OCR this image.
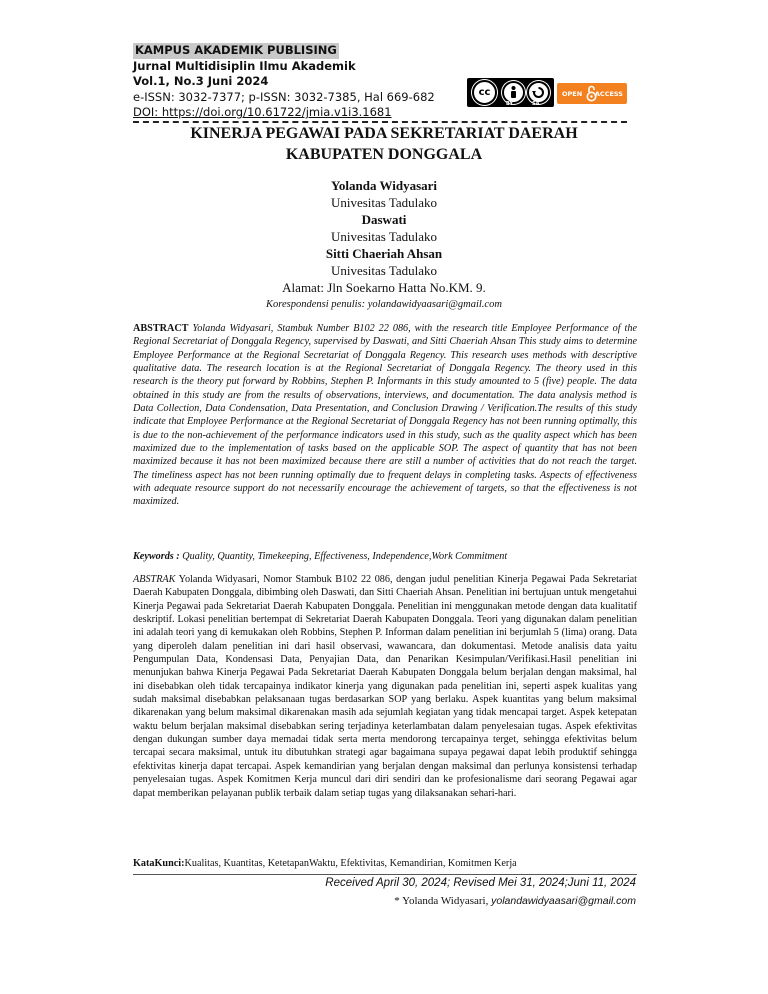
KAMPUS AKADEMIK PUBLISING
Jurnal Multidisiplin Ilmu Akademik
Vol.1, No.3 Juni 2024
e-ISSN: 3032-7377; p-ISSN: 3032-7385, Hal 669-682
DOI: https://doi.org/10.61722/jmia.v1i3.1681
cc
BY	SA
OPEN ACCESS
KINERJA PEGAWAI PADA SEKRETARIAT DAERAH
KABUPATEN DONGGALA
Yolanda Widyasari
Univesitas Tadulako
Daswati
Univesitas Tadulako
Sitti Chaeriah Ahsan
Univesitas Tadulako
Alamat: Jln Soekarno Hatta No.KM. 9.
Korespondensi penulis: yolandawidyaasari@gmail.com

ABSTRACT Yolanda Widyasari, Stambuk Number B102 22 086, with the research title Employee Performance of the Regional Secretariat of Donggala Regency, supervised by Daswati, and Sitti Chaeriah Ahsan This study aims to determine Employee Performance at the Regional Secretariat of Donggala Regency. This research uses methods with descriptive qualitative data. The research location is at the Regional Secretariat of Donggala Regency. The theory used in this research is the theory put forward by Robbins, Stephen P. Informants in this study amounted to 5 (five) people. The data obtained in this study are from the results of observations, interviews, and documentation. The data analysis method is Data Collection, Data Condensation, Data Presentation, and Conclusion Drawing / Verification.The results of this study indicate that Employee Performance at the Regional Secretariat of Donggala Regency has not been running optimally, this is due to the non-achievement of the performance indicators used in this study, such as the quality aspect which has been maximized due to the implementation of tasks based on the applicable SOP. The aspect of quantity that has not been maximized because it has not been maximized because there are still a number of activities that do not reach the target. The timeliness aspect has not been running optimally due to frequent delays in completing tasks. Aspects of effectiveness with adequate resource support do not necessarily encourage the achievement of targets, so that the effectiveness is not maximized.

Keywords : Quality, Quantity, Timekeeping, Effectiveness, Independence,Work Commitment

ABSTRAK Yolanda Widyasari, Nomor Stambuk B102 22 086, dengan judul penelitian Kinerja Pegawai Pada Sekretariat Daerah Kabupaten Donggala, dibimbing oleh Daswati, dan Sitti Chaeriah Ahsan. Penelitian ini bertujuan untuk mengetahui Kinerja Pegawai pada Sekretariat Daerah Kabupaten Donggala. Penelitian ini menggunakan metode dengan data kualitatif deskriptif. Lokasi penelitian bertempat di Sekretariat Daerah Kabupaten Donggala. Teori yang digunakan dalam penelitian ini adalah teori yang di kemukakan oleh Robbins, Stephen P. Informan dalam penelitian ini berjumlah 5 (lima) orang. Data yang diperoleh dalam penelitian ini dari hasil observasi, wawancara, dan dokumentasi. Metode analisis data yaitu Pengumpulan Data, Kondensasi Data, Penyajian Data, dan Penarikan Kesimpulan/Verifikasi.Hasil penelitian ini menunjukan bahwa Kinerja Pegawai Pada Sekretariat Daerah Kabupaten Donggala belum berjalan dengan maksimal, hal ini disebabkan oleh tidak tercapainya indikator kinerja yang digunakan pada penelitian ini, seperti aspek kualitas yang sudah maksimal disebabkan pelaksanaan tugas berdasarkan SOP yang berlaku. Aspek kuantitas yang belum maksimal dikarenakan yang belum maksimal dikarenakan masih ada sejumlah kegiatan yang tidak mencapai target. Aspek ketepatan waktu belum berjalan maksimal disebabkan sering terjadinya keterlambatan dalam penyelesaian tugas. Aspek efektivitas dengan dukungan sumber daya memadai tidak serta merta mendorong tercapainya terget, sehingga efektivitas belum tercapai secara maksimal, untuk itu dibutuhkan strategi agar bagaimana supaya pegawai dapat lebih produktif sehingga efektivitas kinerja dapat tercapai. Aspek kemandirian yang berjalan dengan maksimal dan perlunya konsistensi terhadap penyelesaian tugas. Aspek Komitmen Kerja muncul dari diri sendiri dan ke profesionalisme dari seorang Pegawai agar dapat memberikan pelayanan publik terbaik dalam setiap tugas yang dilaksanakan sehari-hari.

KataKunci:Kualitas, Kuantitas, KetetapanWaktu, Efektivitas, Kemandirian, Komitmen Kerja

Received April 30, 2024; Revised Mei 31, 2024;Juni 11, 2024
* Yolanda Widyasari, yolandawidyaasari@gmail.com
